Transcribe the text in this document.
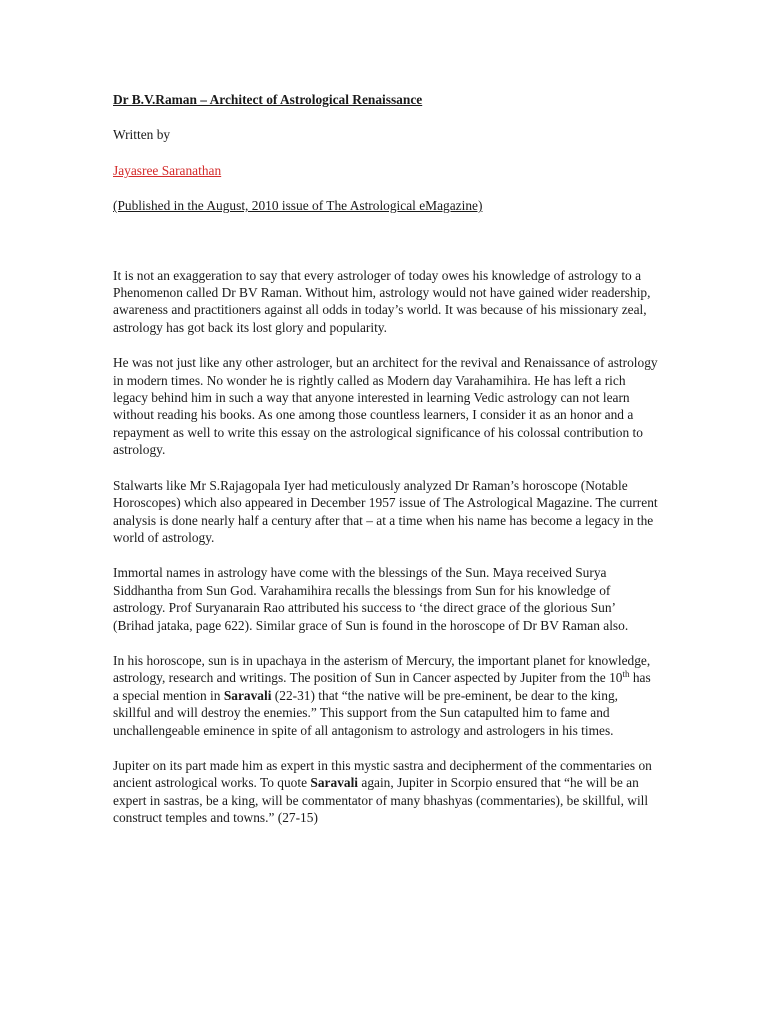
Dr B.V.Raman – Architect of Astrological Renaissance

Written by

Jayasree Saranathan

(Published in the August, 2010 issue of The Astrological eMagazine)

It is not an exaggeration to say that every astrologer of today owes his knowledge of astrology to a Phenomenon called Dr BV Raman. Without him, astrology would not have gained wider readership, awareness and practitioners against all odds in today’s world. It was because of his missionary zeal, astrology has got back its lost glory and popularity.

He was not just like any other astrologer, but an architect for the revival and Renaissance of astrology in modern times. No wonder he is rightly called as Modern day Varahamihira. He has left a rich legacy behind him in such a way that anyone interested in learning Vedic astrology can not learn without reading his books. As one among those countless learners, I consider it as an honor and a repayment as well to write this essay on the astrological significance of his colossal contribution to astrology.

Stalwarts like Mr S.Rajagopala Iyer had meticulously analyzed Dr Raman’s horoscope (Notable Horoscopes) which also appeared in December 1957 issue of The Astrological Magazine. The current analysis is done nearly half a century after that – at a time when his name has become a legacy in the world of astrology.

Immortal names in astrology have come with the blessings of the Sun. Maya received Surya Siddhantha from Sun God. Varahamihira recalls the blessings from Sun for his knowledge of astrology. Prof Suryanarain Rao attributed his success to ‘the direct grace of the glorious Sun’ (Brihad jataka, page 622). Similar grace of Sun is found in the horoscope of Dr BV Raman also.

In his horoscope, sun is in upachaya in the asterism of Mercury, the important planet for knowledge, astrology, research and writings. The position of Sun in Cancer aspected by Jupiter from the 10th has a special mention in Saravali (22-31) that “the native will be pre-eminent, be dear to the king, skillful and will destroy the enemies.” This support from the Sun catapulted him to fame and unchallengeable eminence in spite of all antagonism to astrology and astrologers in his times.

Jupiter on its part made him as expert in this mystic sastra and decipherment of the commentaries on ancient astrological works. To quote Saravali again, Jupiter in Scorpio ensured that “he will be an expert in sastras, be a king, will be commentator of many bhashyas (commentaries), be skillful, will construct temples and towns.” (27-15)
